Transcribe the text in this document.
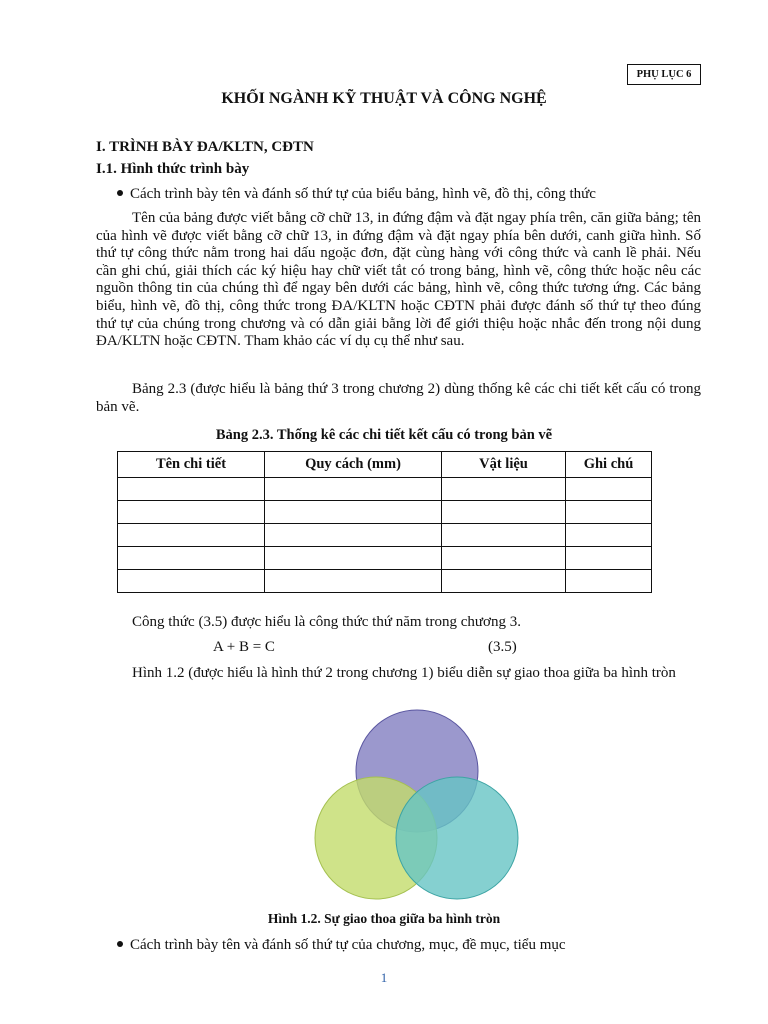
PHỤ LỤC 6
KHỐI NGÀNH KỸ THUẬT VÀ CÔNG NGHỆ
I. TRÌNH BÀY ĐA/KLTN, CĐTN
I.1. Hình thức trình bày
Cách trình bày tên và đánh số thứ tự của biểu bảng, hình vẽ, đồ thị, công thức
Tên của bảng được viết bằng cỡ chữ 13, in đứng đậm và đặt ngay phía trên, căn giữa bảng; tên của hình vẽ được viết bằng cỡ chữ 13, in đứng đậm và đặt ngay phía bên dưới, canh giữa hình. Số thứ tự công thức nằm trong hai dấu ngoặc đơn, đặt cùng hàng với công thức và canh lề phải. Nếu cần ghi chú, giải thích các ký hiệu hay chữ viết tắt có trong bảng, hình vẽ, công thức hoặc nêu các nguồn thông tin của chúng thì để ngay bên dưới các bảng, hình vẽ, công thức tương ứng. Các bảng biểu, hình vẽ, đồ thị, công thức trong ĐA/KLTN hoặc CĐTN phải được đánh số thứ tự theo đúng thứ tự của chúng trong chương và có dẫn giải bằng lời để giới thiệu hoặc nhắc đến trong nội dung ĐA/KLTN hoặc CĐTN. Tham khảo các ví dụ cụ thể như sau.
Bảng 2.3 (được hiểu là bảng thứ 3 trong chương 2) dùng thống kê các chi tiết kết cấu có trong bản vẽ.
Bảng 2.3. Thống kê các chi tiết kết cấu có trong bản vẽ
Tên chi tiết	Quy cách (mm)	Vật liệu	Ghi chú

Công thức (3.5) được hiểu là công thức thứ năm trong chương 3.
A + B = C	(3.5)
Hình 1.2 (được hiểu là hình thứ 2 trong chương 1) biểu diễn sự giao thoa giữa ba hình tròn
Hình 1.2. Sự giao thoa giữa ba hình tròn
Cách trình bày tên và đánh số thứ tự của chương, mục, đề mục, tiểu mục
1
